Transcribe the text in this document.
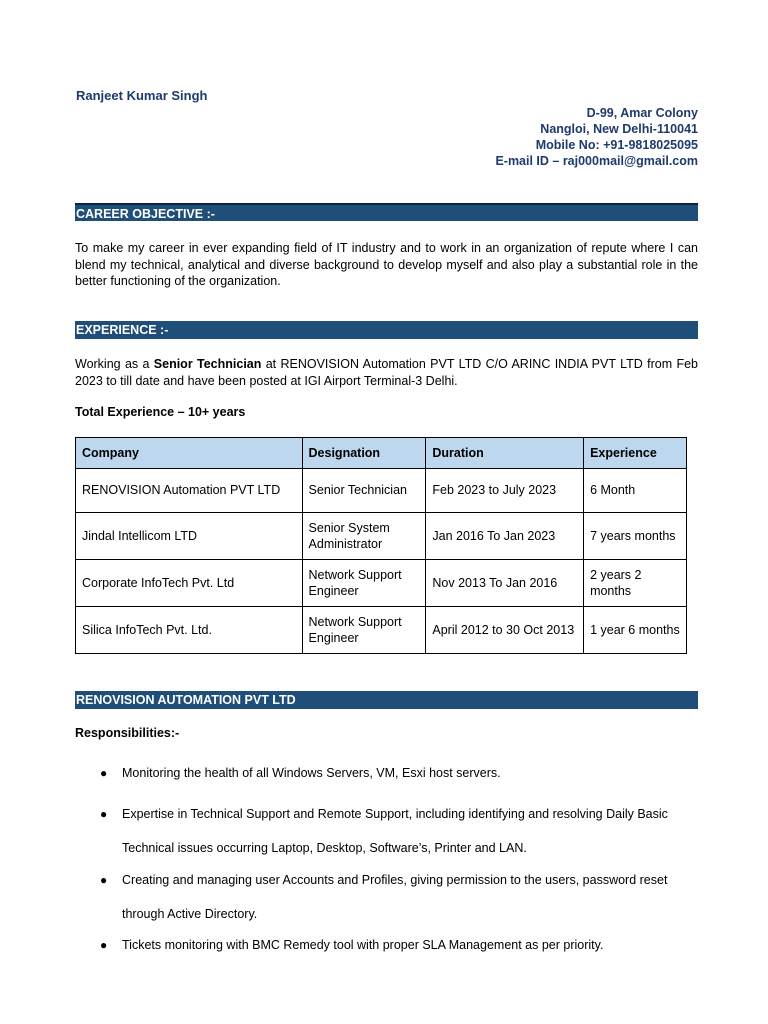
Ranjeet Kumar Singh
D-99, Amar Colony
Nangloi, New Delhi-110041
Mobile No: +91-9818025095
E-mail ID – raj000mail@gmail.com
CAREER OBJECTIVE :-
To make my career in ever expanding field of IT industry and to work in an organization of repute where I can blend my technical, analytical and diverse background to develop myself and also play a substantial role in the better functioning of the organization.
EXPERIENCE :-
Working as a Senior Technician at RENOVISION Automation PVT LTD C/O ARINC INDIA PVT LTD from Feb 2023 to till date and have been posted at IGI Airport Terminal-3 Delhi.
Total Experience – 10+ years
Company	Designation	Duration	Experience
RENOVISION Automation PVT LTD	Senior Technician	Feb 2023 to July 2023	6 Month
Jindal Intellicom LTD	Senior System Administrator	Jan 2016 To Jan 2023	7 years months
Corporate InfoTech Pvt. Ltd	Network Support Engineer	Nov 2013 To Jan 2016	2 years 2 months
Silica InfoTech Pvt. Ltd.	Network Support Engineer	April 2012 to 30 Oct 2013	1 year 6 months
RENOVISION AUTOMATION PVT LTD
Responsibilities:-
● Monitoring the health of all Windows Servers, VM, Esxi host servers.
● Expertise in Technical Support and Remote Support, including identifying and resolving Daily Basic Technical issues occurring Laptop, Desktop, Software’s, Printer and LAN.
● Creating and managing user Accounts and Profiles, giving permission to the users, password reset through Active Directory.
● Tickets monitoring with BMC Remedy tool with proper SLA Management as per priority.
